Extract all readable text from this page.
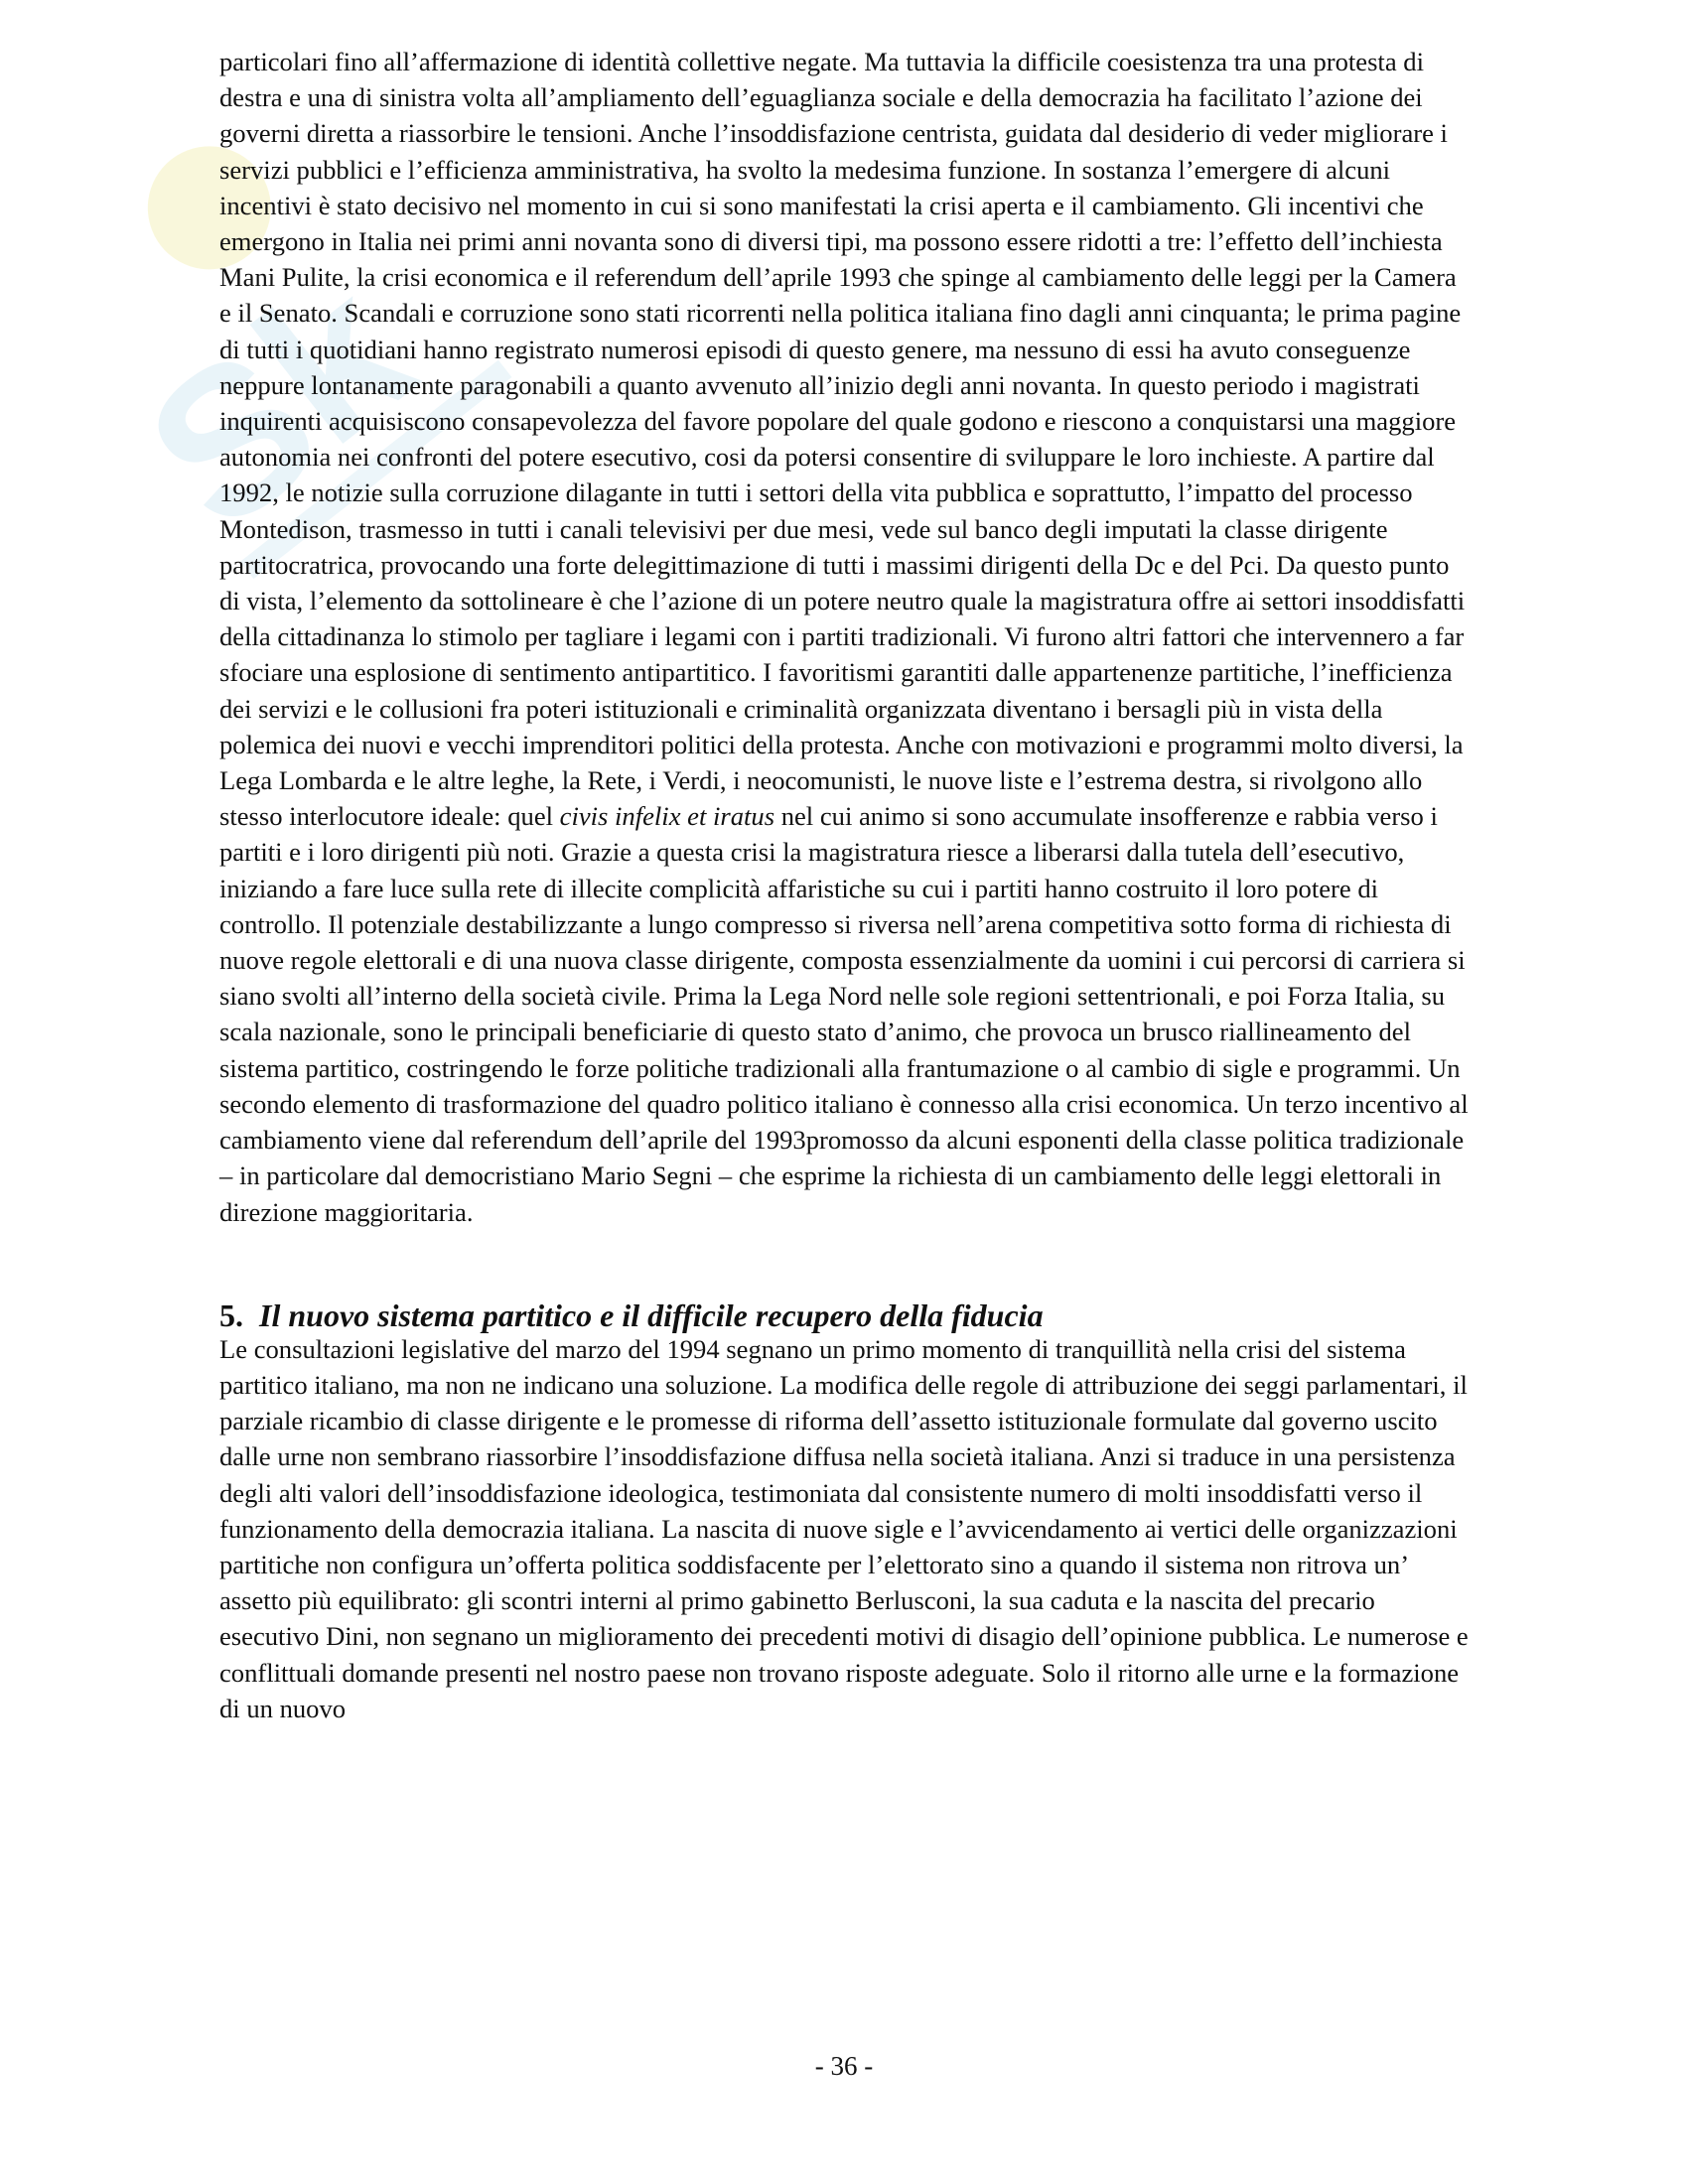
Sk

particolari fino all’affermazione di identità collettive negate. Ma tuttavia la difficile coesistenza tra una protesta di destra e una di sinistra volta all’ampliamento dell’eguaglianza sociale e della democrazia ha facilitato l’azione dei governi diretta a riassorbire le tensioni. Anche l’insoddisfazione centrista, guidata dal desiderio di veder migliorare i servizi pubblici e l’efficienza amministrativa, ha svolto la medesima funzione. In sostanza l’emergere di alcuni incentivi è stato decisivo nel momento in cui si sono manifestati la crisi aperta e il cambiamento. Gli incentivi che emergono in Italia nei primi anni novanta sono di diversi tipi, ma possono essere ridotti a tre: l’effetto dell’inchiesta Mani Pulite, la crisi economica e il referendum dell’aprile 1993 che spinge al cambiamento delle leggi per la Camera e il Senato. Scandali e corruzione sono stati ricorrenti nella politica italiana fino dagli anni cinquanta; le prima pagine di tutti i quotidiani hanno registrato numerosi episodi di questo genere, ma nessuno di essi ha avuto conseguenze neppure lontanamente paragonabili a quanto avvenuto all’inizio degli anni novanta. In questo periodo i magistrati inquirenti acquisiscono consapevolezza del favore popolare del quale godono e riescono a conquistarsi una maggiore autonomia nei confronti del potere esecutivo, cosi da potersi consentire di sviluppare le loro inchieste. A partire dal 1992, le notizie sulla corruzione dilagante in tutti i settori della vita pubblica e soprattutto, l’impatto del processo Montedison, trasmesso in tutti i canali televisivi per due mesi, vede sul banco degli imputati la classe dirigente partitocratrica, provocando una forte delegittimazione di tutti i massimi dirigenti della Dc e del Pci. Da questo punto di vista, l’elemento da sottolineare è che l’azione di un potere neutro quale la magistratura offre ai settori insoddisfatti della cittadinanza lo stimolo per tagliare i legami con i partiti tradizionali. Vi furono altri fattori che intervennero a far sfociare una esplosione di sentimento antipartitico. I favoritismi garantiti dalle appartenenze partitiche, l’inefficienza dei servizi e le collusioni fra poteri istituzionali e criminalità organizzata diventano i bersagli più in vista della polemica dei nuovi e vecchi imprenditori politici della protesta. Anche con motivazioni e programmi molto diversi, la Lega Lombarda e le altre leghe, la Rete, i Verdi, i neocomunisti, le nuove liste e l’estrema destra, si rivolgono allo stesso interlocutore ideale: quel civis infelix et iratus nel cui animo si sono accumulate insofferenze e rabbia verso i partiti e i loro dirigenti più noti. Grazie a questa crisi la magistratura riesce a liberarsi dalla tutela dell’esecutivo, iniziando a fare luce sulla rete di illecite complicità affaristiche su cui i partiti hanno costruito il loro potere di controllo. Il potenziale destabilizzante a lungo compresso si riversa nell’arena competitiva sotto forma di richiesta di nuove regole elettorali e di una nuova classe dirigente, composta essenzialmente da uomini i cui percorsi di carriera si siano svolti all’interno della società civile. Prima la Lega Nord nelle sole regioni settentrionali, e poi Forza Italia, su scala nazionale, sono le principali beneficiarie di questo stato d’animo, che provoca un brusco riallineamento del sistema partitico, costringendo le forze politiche tradizionali alla frantumazione o al cambio di sigle e programmi. Un secondo elemento di trasformazione del quadro politico italiano è connesso alla crisi economica. Un terzo incentivo al cambiamento viene dal referendum dell’aprile del 1993promosso da alcuni esponenti della classe politica tradizionale – in particolare dal democristiano Mario Segni – che esprime la richiesta di un cambiamento delle leggi elettorali in direzione maggioritaria.

5. Il nuovo sistema partitico e il difficile recupero della fiducia

Le consultazioni legislative del marzo del 1994 segnano un primo momento di tranquillità nella crisi del sistema partitico italiano, ma non ne indicano una soluzione. La modifica delle regole di attribuzione dei seggi parlamentari, il parziale ricambio di classe dirigente e le promesse di riforma dell’assetto istituzionale formulate dal governo uscito dalle urne non sembrano riassorbire l’insoddisfazione diffusa nella società italiana. Anzi si traduce in una persistenza degli alti valori dell’insoddisfazione ideologica, testimoniata dal consistente numero di molti insoddisfatti verso il funzionamento della democrazia italiana. La nascita di nuove sigle e l’avvicendamento ai vertici delle organizzazioni partitiche non configura un’offerta politica soddisfacente per l’elettorato sino a quando il sistema non ritrova un’ assetto più equilibrato: gli scontri interni al primo gabinetto Berlusconi, la sua caduta e la nascita del precario esecutivo Dini, non segnano un miglioramento dei precedenti motivi di disagio dell’opinione pubblica. Le numerose e conflittuali domande presenti nel nostro paese non trovano risposte adeguate. Solo il ritorno alle urne e la formazione di un nuovo

- 36 -
